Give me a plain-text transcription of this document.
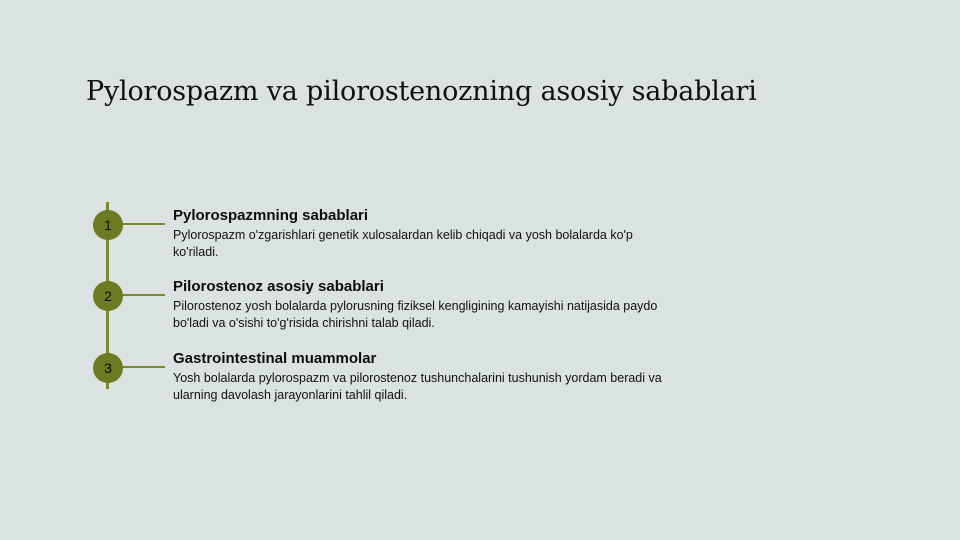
Pylorospazm va pilorostenozning asosiy sabablari
1

Pylorospazmning sabablari

Pylorospazm o'zgarishlari genetik xulosalardan kelib chiqadi va yosh bolalarda ko'p ko'riladi.

2

Pilorostenoz asosiy sabablari

Pilorostenoz yosh bolalarda pylorusning fiziksel kengligining kamayishi natijasida paydo bo'ladi va o'sishi to'g'risida chirishni talab qiladi.

3

Gastrointestinal muammolar

Yosh bolalarda pylorospazm va pilorostenoz tushunchalarini tushunish yordam beradi va ularning davolash jarayonlarini tahlil qiladi.
